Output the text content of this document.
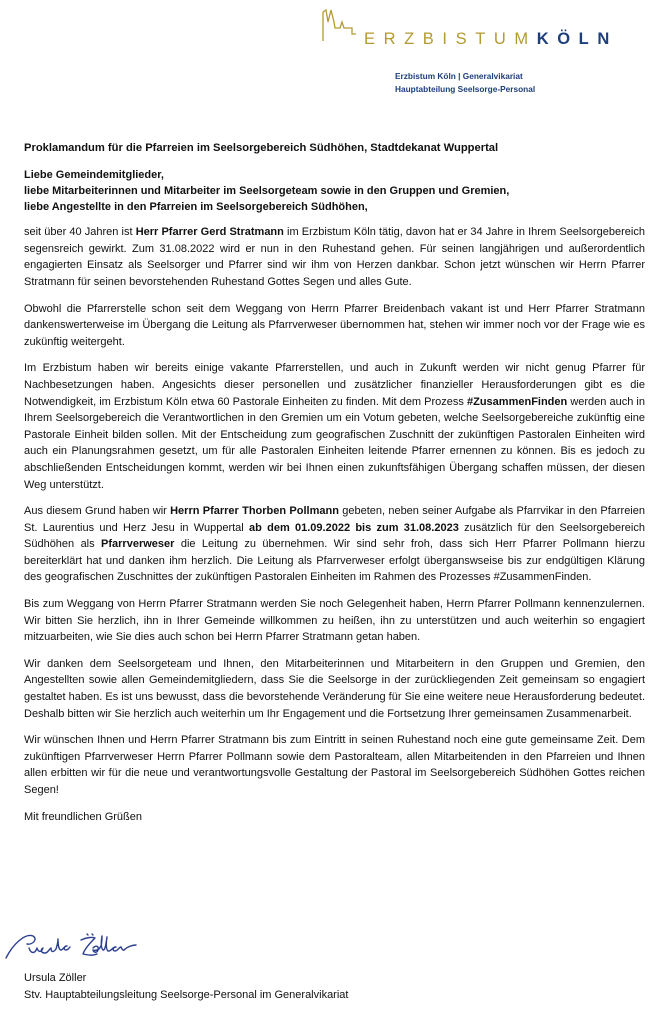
ERZBISTUMKÖLN
Erzbistum Köln | Generalvikariat
Hauptabteilung Seelsorge-Personal
Proklamandum für die Pfarreien im Seelsorgebereich Südhöhen, Stadtdekanat Wuppertal
Liebe Gemeindemitglieder,
liebe Mitarbeiterinnen und Mitarbeiter im Seelsorgeteam sowie in den Gruppen und Gremien,
liebe Angestellte in den Pfarreien im Seelsorgebereich Südhöhen,

seit über 40 Jahren ist Herr Pfarrer Gerd Stratmann im Erzbistum Köln tätig, davon hat er 34 Jahre in Ihrem Seelsorgebereich segensreich gewirkt. Zum 31.08.2022 wird er nun in den Ruhestand gehen. Für seinen langjährigen und außerordentlich engagierten Einsatz als Seelsorger und Pfarrer sind wir ihm von Herzen dankbar. Schon jetzt wünschen wir Herrn Pfarrer Stratmann für seinen bevorstehenden Ruhestand Gottes Segen und alles Gute.

Obwohl die Pfarrerstelle schon seit dem Weggang von Herrn Pfarrer Breidenbach vakant ist und Herr Pfarrer Stratmann dankenswerterweise im Übergang die Leitung als Pfarrverweser übernommen hat, stehen wir immer noch vor der Frage wie es zukünftig weitergeht.

Im Erzbistum haben wir bereits einige vakante Pfarrerstellen, und auch in Zukunft werden wir nicht genug Pfarrer für Nachbesetzungen haben. Angesichts dieser personellen und zusätzlicher finanzieller Herausforderungen gibt es die Notwendigkeit, im Erzbistum Köln etwa 60 Pastorale Einheiten zu finden. Mit dem Prozess #ZusammenFinden werden auch in Ihrem Seelsorgebereich die Verantwortlichen in den Gremien um ein Votum gebeten, welche Seelsorgebereiche zukünftig eine Pastorale Einheit bilden sollen. Mit der Entscheidung zum geografischen Zuschnitt der zukünftigen Pastoralen Einheiten wird auch ein Planungsrahmen gesetzt, um für alle Pastoralen Einheiten leitende Pfarrer ernennen zu können. Bis es jedoch zu abschließenden Entscheidungen kommt, werden wir bei Ihnen einen zukunftsfähigen Übergang schaffen müssen, der diesen Weg unterstützt.

Aus diesem Grund haben wir Herrn Pfarrer Thorben Pollmann gebeten, neben seiner Aufgabe als Pfarrvikar in den Pfarreien St. Laurentius und Herz Jesu in Wuppertal ab dem 01.09.2022 bis zum 31.08.2023 zusätzlich für den Seelsorgebereich Südhöhen als Pfarrverweser die Leitung zu übernehmen. Wir sind sehr froh, dass sich Herr Pfarrer Pollmann hierzu bereiterklärt hat und danken ihm herzlich. Die Leitung als Pfarrverweser erfolgt überganswseise bis zur endgültigen Klärung des geografischen Zuschnittes der zukünftigen Pastoralen Einheiten im Rahmen des Prozesses #ZusammenFinden.

Bis zum Weggang von Herrn Pfarrer Stratmann werden Sie noch Gelegenheit haben, Herrn Pfarrer Pollmann kennenzulernen. Wir bitten Sie herzlich, ihn in Ihrer Gemeinde willkommen zu heißen, ihn zu unterstützen und auch weiterhin so engagiert mitzuarbeiten, wie Sie dies auch schon bei Herrn Pfarrer Stratmann getan haben.

Wir danken dem Seelsorgeteam und Ihnen, den Mitarbeiterinnen und Mitarbeitern in den Gruppen und Gremien, den Angestellten sowie allen Gemeindemitgliedern, dass Sie die Seelsorge in der zurückliegenden Zeit gemeinsam so engagiert gestaltet haben. Es ist uns bewusst, dass die bevorstehende Veränderung für Sie eine weitere neue Herausforderung bedeutet. Deshalb bitten wir Sie herzlich auch weiterhin um Ihr Engagement und die Fortsetzung Ihrer gemeinsamen Zusammenarbeit.

Wir wünschen Ihnen und Herrn Pfarrer Stratmann bis zum Eintritt in seinen Ruhestand noch eine gute gemeinsame Zeit. Dem zukünftigen Pfarrverweser Herrn Pfarrer Pollmann sowie dem Pastoralteam, allen Mitarbeitenden in den Pfarreien und Ihnen allen erbitten wir für die neue und verantwortungsvolle Gestaltung der Pastoral im Seelsorgebereich Südhöhen Gottes reichen Segen!

Mit freundlichen Grüßen

Ursula Zöller
Stv. Hauptabteilungsleitung Seelsorge-Personal im Generalvikariat
